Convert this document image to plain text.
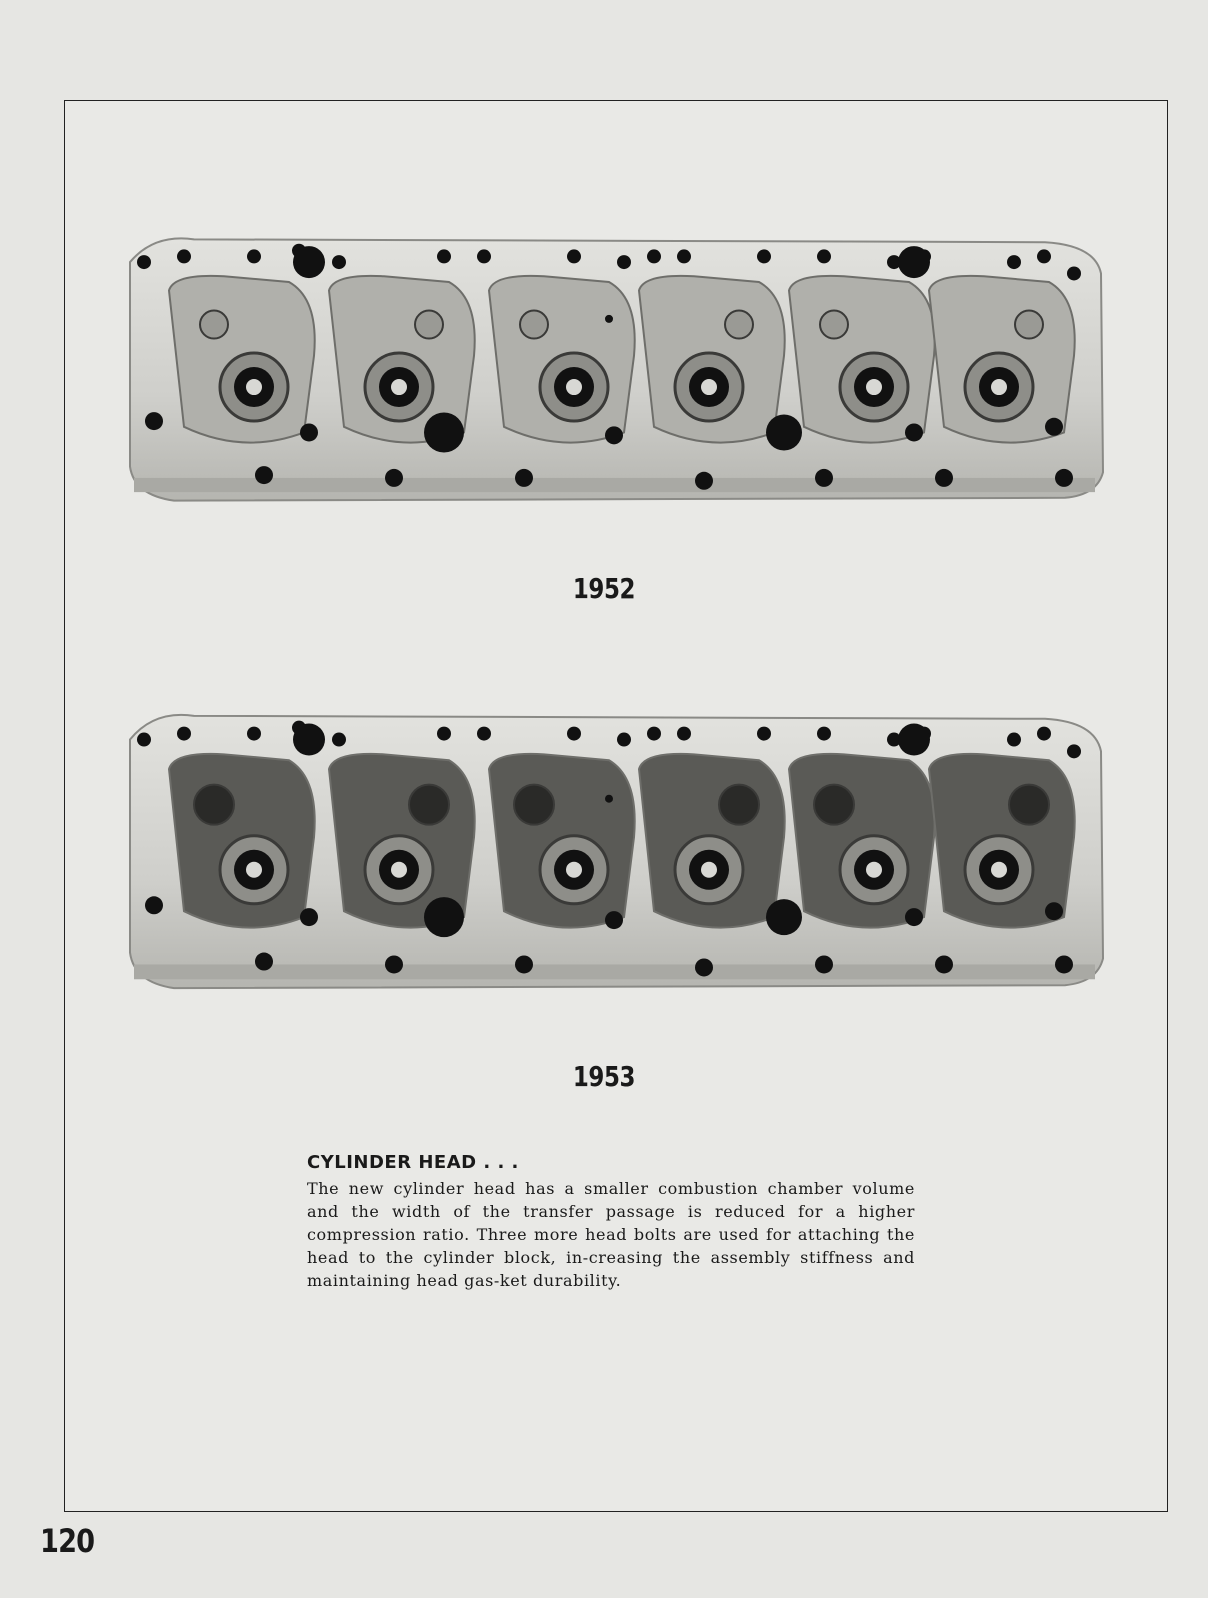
1952
1953
CYLINDER HEAD . . .
The new cylinder head has a smaller combustion chamber volume and the width of the transfer passage is reduced for a higher compression ratio. Three more head bolts are used for attaching the head to the cylinder block, in-creasing the assembly stiffness and maintaining head gas-ket durability.
120
